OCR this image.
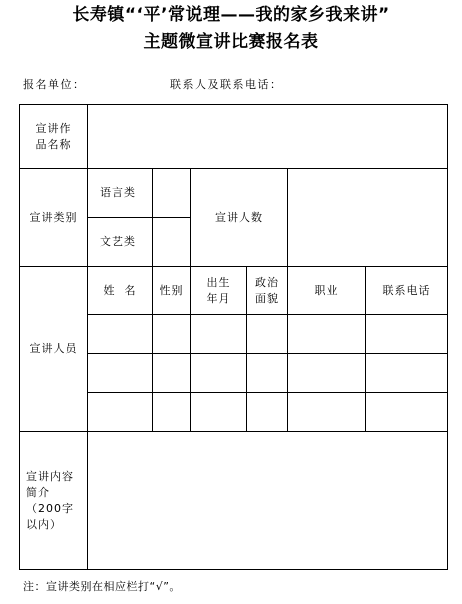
长寿镇“‘平’常说理——我的家乡我来讲”
主题微宣讲比赛报名表
报名单位：	联系人及联系电话：
宣讲作品名称						
宣讲类别	语言类		宣讲人数			
	文艺类					
宣讲人员	姓  名	性别	出生年月	政治面貌	职业	联系电话

宣讲内容简介（200字以内）						
注：宣讲类别在相应栏打“√”。
